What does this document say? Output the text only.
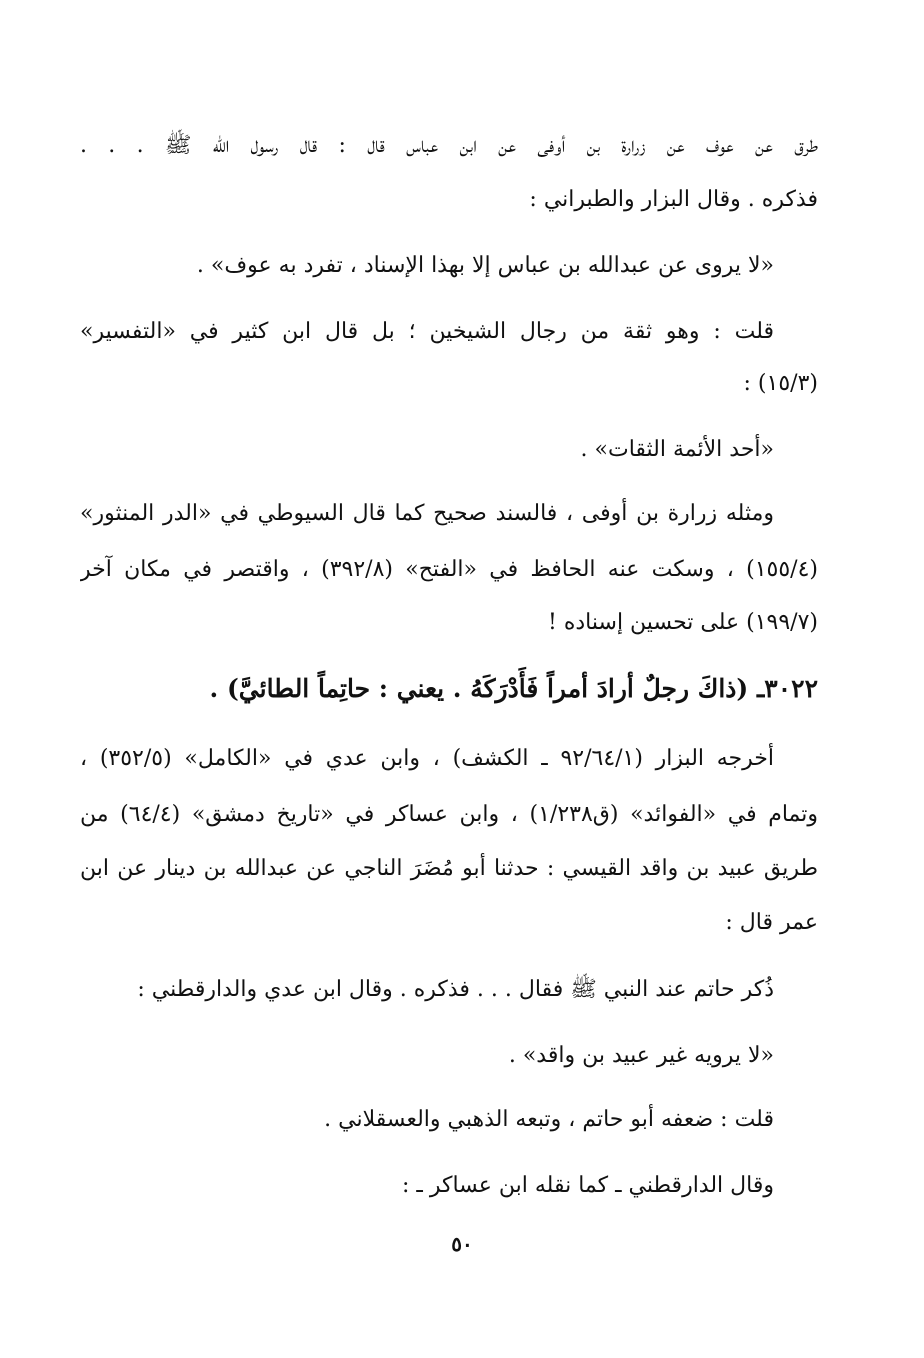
طرق عن عوف عن زرارة بن أوفى عن ابن عباس قال : قال رسول الله ﷺ . . .
فذكره . وقال البزار والطبراني :
«لا يروى عن عبدالله بن عباس إلا بهذا الإسناد ، تفرد به عوف» .
قلت : وهو ثقة من رجال الشيخين ؛ بل قال ابن كثير في «التفسير»
(١٥/٣) :
«أحد الأئمة الثقات» .
ومثله زرارة بن أوفى ، فالسند صحيح كما قال السيوطي في «الدر المنثور»
(١٥٥/٤) ، وسكت عنه الحافظ في «الفتح» (٣٩٢/٨) ، واقتصر في مكان آخر
(١٩٩/٧) على تحسين إسناده !
٣٠٢٢ـ (ذاكَ رجلٌ أرادَ أمراً فَأَدْرَكَهُ . يعني : حاتِماً الطائيَّ) .
أخرجه البزار (٩٢/٦٤/١ ـ الكشف) ، وابن عدي في «الكامل» (٣٥٢/٥) ،
وتمام في «الفوائد» (ق١/٢٣٨) ، وابن عساكر في «تاريخ دمشق» (٦٤/٤) من
طريق عبيد بن واقد القيسي : حدثنا أبو مُضَرَ الناجي عن عبدالله بن دينار عن ابن
عمر قال :
ذُكر حاتم عند النبي ﷺ فقال . . . فذكره . وقال ابن عدي والدارقطني :
«لا يرويه غير عبيد بن واقد» .
قلت : ضعفه أبو حاتم ، وتبعه الذهبي والعسقلاني .
وقال الدارقطني ـ كما نقله ابن عساكر ـ :
٥٠
